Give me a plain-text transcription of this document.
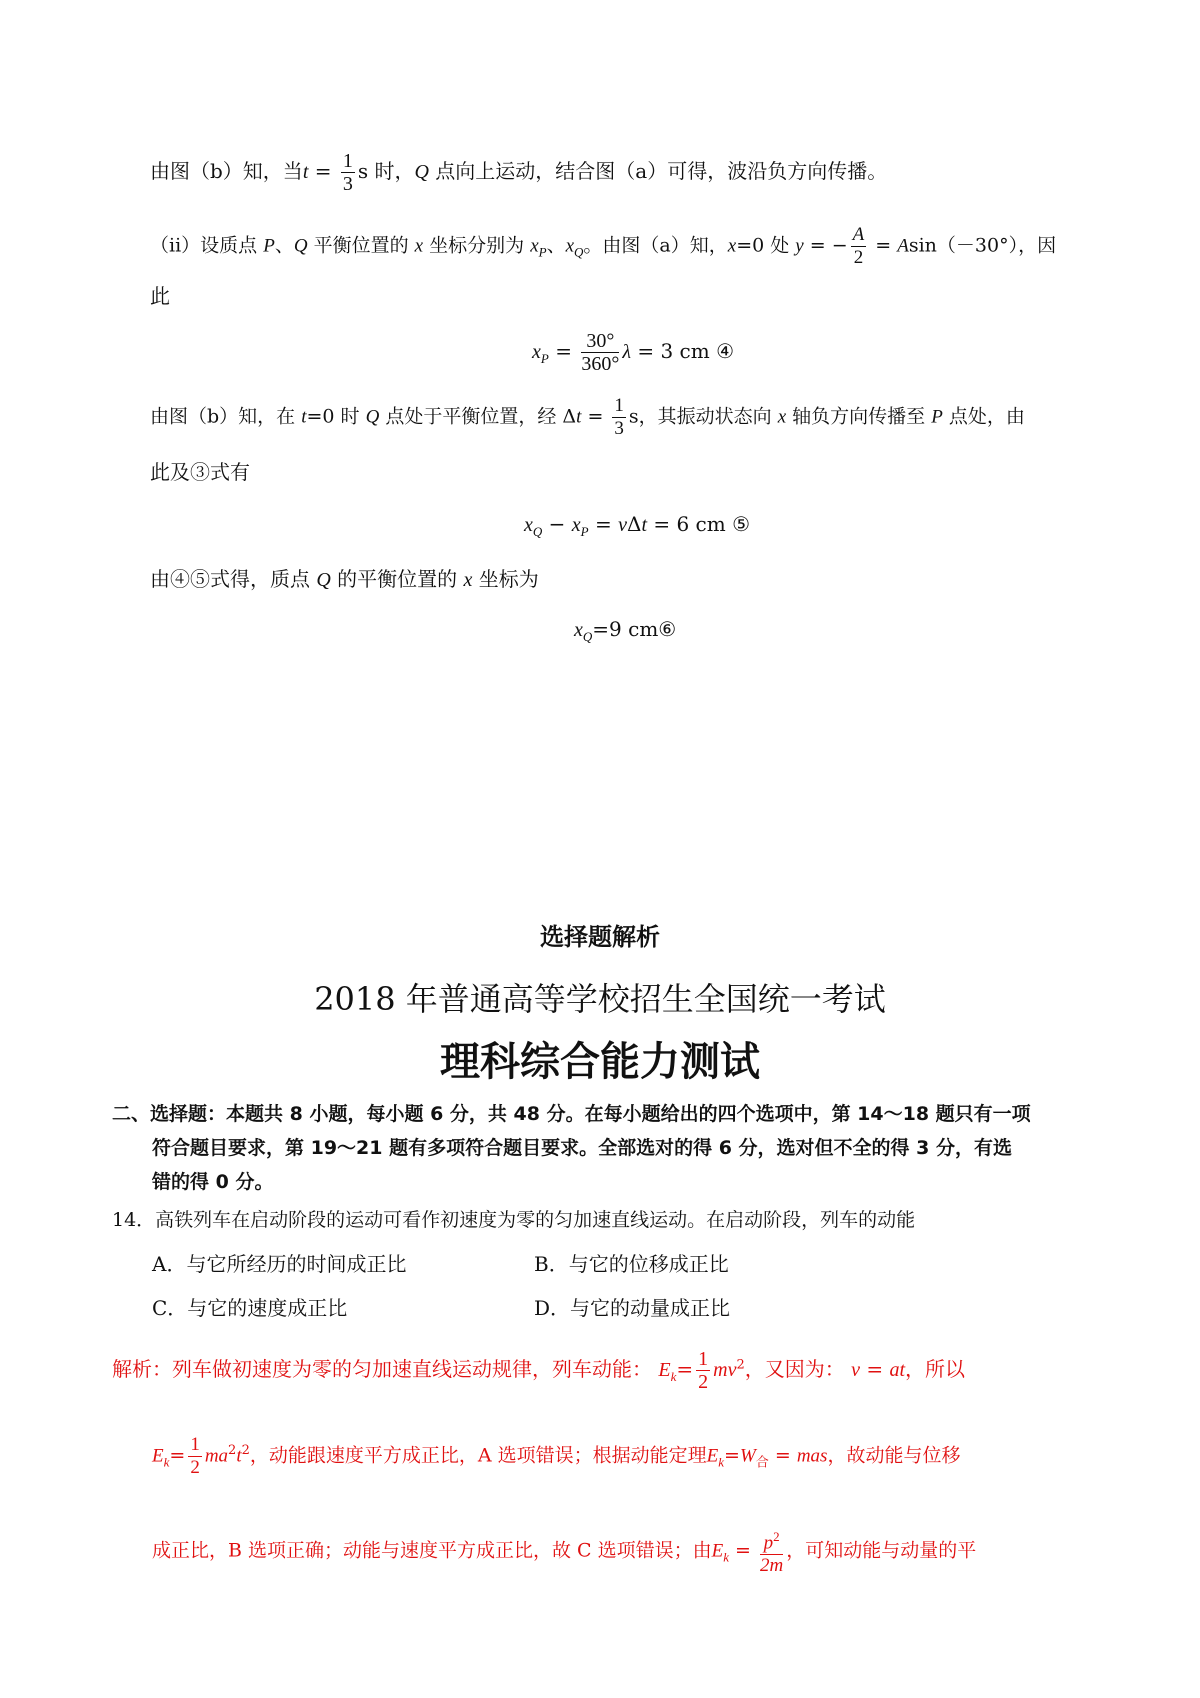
由图（b）知，当$t = \frac{1}{3}$ s 时，Q 点向上运动，结合图（a）可得，波沿负方向传播。
（ii）设质点 P、Q 平衡位置的 x 坐标分别为 $x_P$、$x_Q$。由图（a）知，x=0 处 y = − $\frac{A}{2} = Asin(-30^\circ)$，因
此
$x_P = \frac{30^\circ}{360^\circ}$ λ = 3 cm ④
由图（b）知，在 t=0 时 Q 点处于平衡位置，经 $\Delta t = \frac{1}{3}$ s，其振动状态向 x 轴负方向传播至 P 点处，由
此及③式有
$x_Q - x_P = v\Delta t = 6$ cm ⑤
由④⑤式得，质点 Q 的平衡位置的 x 坐标为
$x_Q=9$ cm⑥
选择题解析
2018 年普通高等学校招生全国统一考试
理科综合能力测试
二、选择题：本题共 8 小题，每小题 6 分，共 48 分。在每小题给出的四个选项中，第 14～18 题只有一项
符合题目要求，第 19～21 题有多项符合题目要求。全部选对的得 6 分，选对但不全的得 3 分，有选
错的得 0 分。
14．高铁列车在启动阶段的运动可看作初速度为零的匀加速直线运动。在启动阶段，列车的动能
A．与它所经历的时间成正比	B．与它的位移成正比
C．与它的速度成正比	D．与它的动量成正比
解析：列车做初速度为零的匀加速直线运动规律，列车动能： $E_k= \frac{1}{2} mv^2$，又因为： v = at，所以
$E_k= \frac{1}{2} ma^2t^2$，动能跟速度平方成正比，A 选项错误；根据动能定理$E_k=W_合$ = mas，故动能与位移
成正比，B 选项正确；动能与速度平方成正比，故 C 选项错误；由$E_k = \frac{p^2}{2m}$ ，可知动能与动量的平
